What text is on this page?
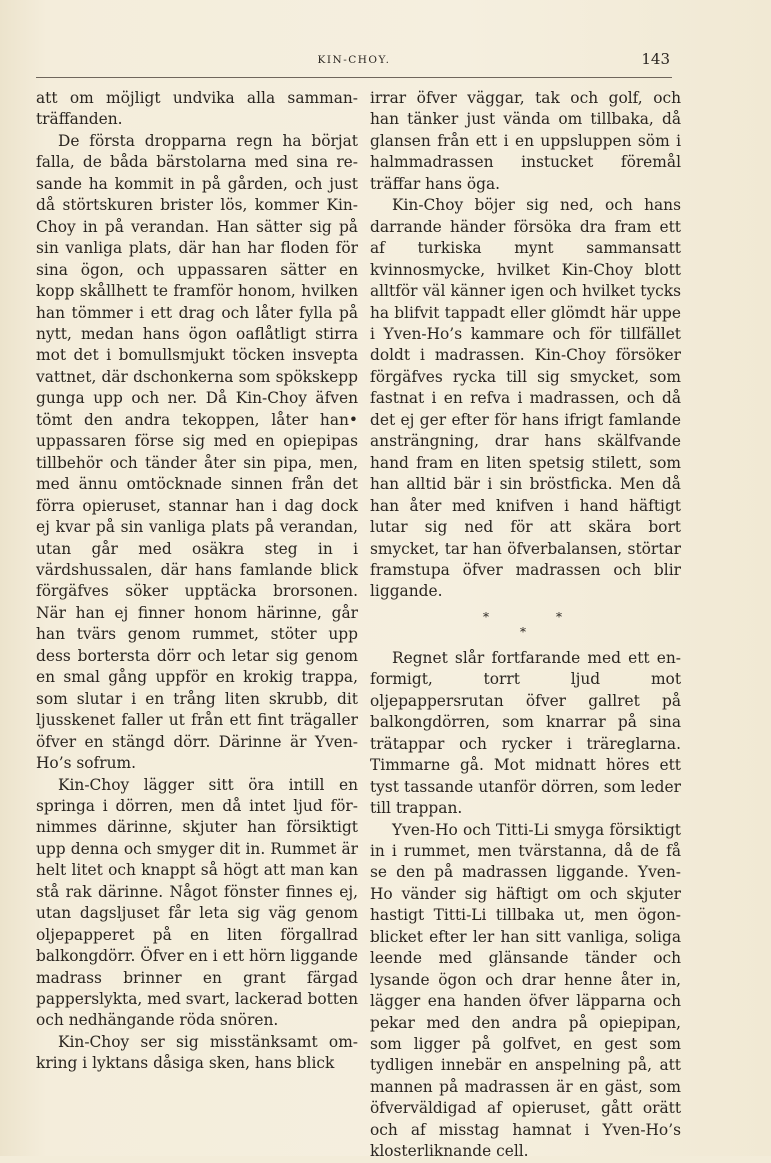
KIN-CHOY.	143

att om möjligt undvika alla sammanträffanden.

De första dropparna regn ha börjat falla, de båda bärstolarna med sina resande ha kommit in på gården, och just då störtskuren brister lös, kommer Kin-Choy in på verandan. Han sätter sig på sin vanliga plats, där han har floden för sina ögon, och uppassaren sätter en kopp skållhett te framför honom, hvilken han tömmer i ett drag och låter fylla på nytt, medan hans ögon oaflåtligt stirra mot det i bomullsmjukt töcken insvepta vattnet, där dschonkerna som spökskepp gunga upp och ner. Då Kin-Choy äfven tömt den andra tekoppen, låter han• uppassaren förse sig med en opiepipas tillbehör och tänder åter sin pipa, men, med ännu omtöcknade sinnen från det förra opieruset, stannar han i dag dock ej kvar på sin vanliga plats på verandan, utan går med osäkra steg in i värdshussalen, där hans famlande blick förgäfves söker upptäcka brorsonen. När han ej finner honom härinne, går han tvärs genom rummet, stöter upp dess bortersta dörr och letar sig genom en smal gång uppför en krokig trappa, som slutar i en trång liten skrubb, dit ljusskenet faller ut från ett fint trägaller öfver en stängd dörr. Därinne är Yven-Ho’s sofrum.

Kin-Choy lägger sitt öra intill en springa i dörren, men då intet ljud förnimmes därinne, skjuter han försiktigt upp denna och smyger dit in. Rummet är helt litet och knappt så högt att man kan stå rak därinne. Något fönster finnes ej, utan dagsljuset får leta sig väg genom oljepapperet på en liten förgallrad balkongdörr. Öfver en i ett hörn liggande madrass brinner en grant färgad papperslykta, med svart, lackerad botten och nedhängande röda snören.

Kin-Choy ser sig misstänksamt omkring i lyktans dåsiga sken, hans blick

irrar öfver väggar, tak och golf, och han tänker just vända om tillbaka, då glansen från ett i en uppsluppen söm i halmmadrassen instucket föremål träffar hans öga.

Kin-Choy böjer sig ned, och hans darrande händer försöka dra fram ett af turkiska mynt sammansatt kvinnosmycke, hvilket Kin-Choy blott alltför väl känner igen och hvilket tycks ha blifvit tappadt eller glömdt här uppe i Yven-Ho’s kammare och för tillfället doldt i madrassen. Kin-Choy försöker förgäfves rycka till sig smycket, som fastnat i en refva i madrassen, och då det ej ger efter för hans ifrigt famlande ansträngning, drar hans skälfvande hand fram en liten spetsig stilett, som han alltid bär i sin bröstficka. Men då han åter med knifven i hand häftigt lutar sig ned för att skära bort smycket, tar han öfverbalansen, störtar framstupa öfver madrassen och blir liggande.

*	*
*

Regnet slår fortfarande med ett enformigt, torrt ljud mot oljepappersrutan öfver gallret på balkongdörren, som knarrar på sina trätappar och rycker i träreglarna. Timmarne gå. Mot midnatt höres ett tyst tassande utanför dörren, som leder till trappan.

Yven-Ho och Titti-Li smyga försiktigt in i rummet, men tvärstanna, då de få se den på madrassen liggande. Yven-Ho vänder sig häftigt om och skjuter hastigt Titti-Li tillbaka ut, men ögonblicket efter ler han sitt vanliga, soliga leende med glänsande tänder och lysande ögon och drar henne åter in, lägger ena handen öfver läpparna och pekar med den andra på opiepipan, som ligger på golfvet, en gest som tydligen innebär en anspelning på, att mannen på madrassen är en gäst, som öfverväldigad af opieruset, gått orätt och af misstag hamnat i Yven-Ho’s klosterliknande cell.
